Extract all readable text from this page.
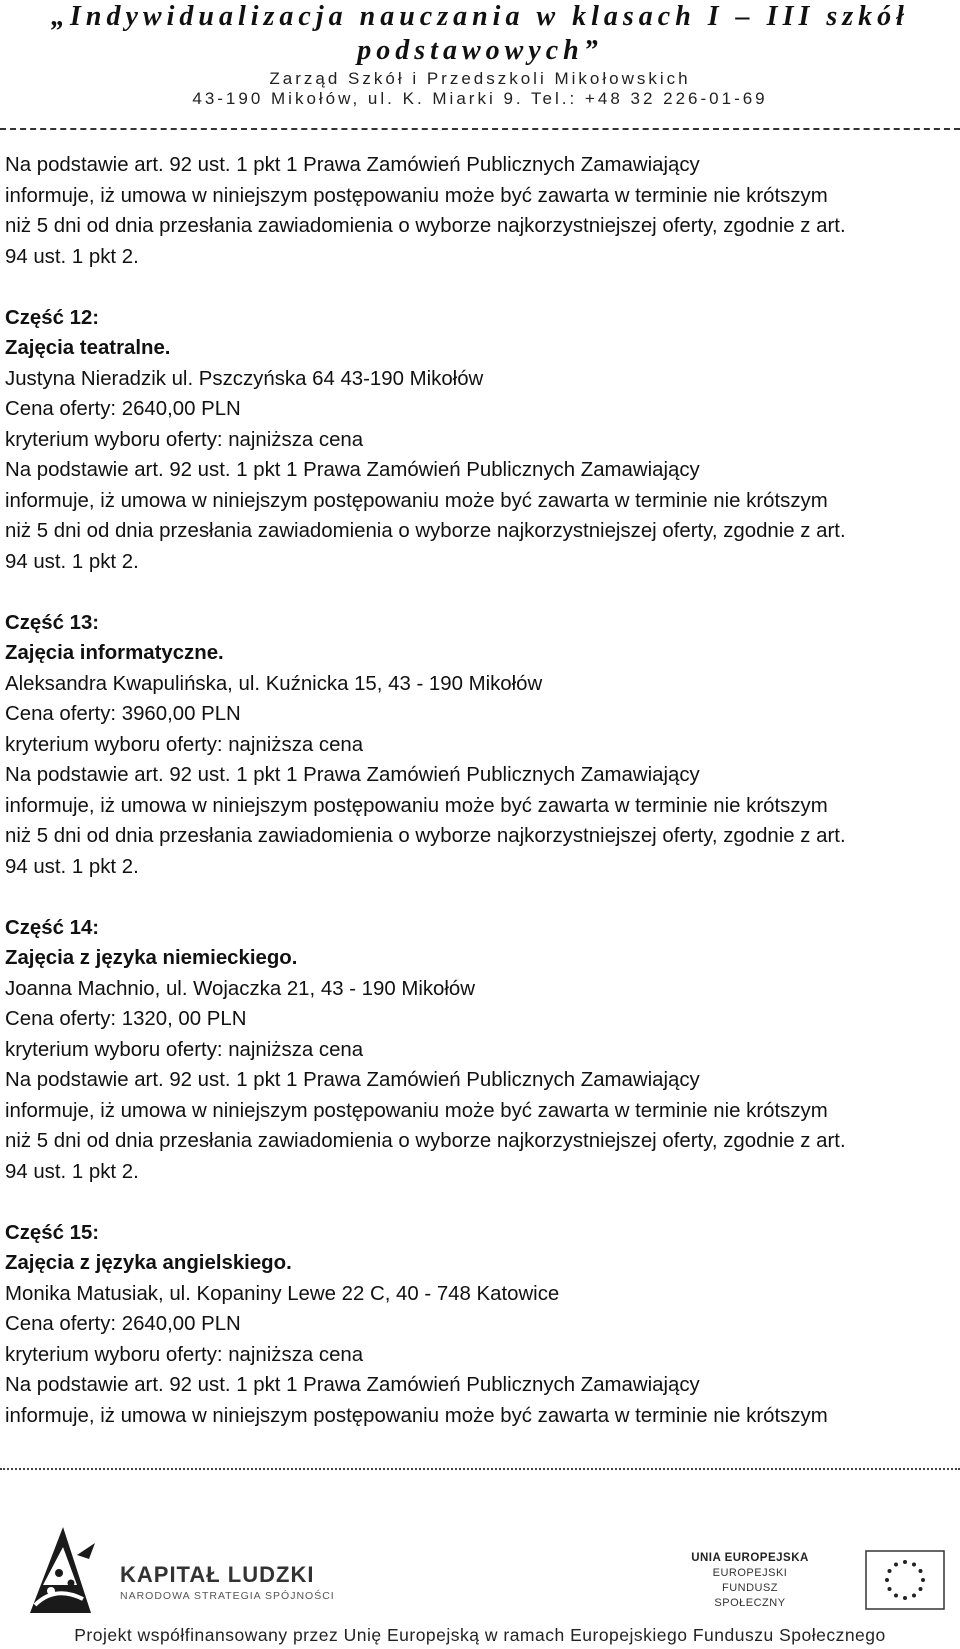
„Indywidualizacja nauczania w klasach I – III szkół
podstawowych”

Zarząd Szkół i Przedszkoli Mikołowskich

43-190 Mikołów, ul. K. Miarki 9. Tel.: +48 32 226-01-69

Na podstawie art. 92 ust. 1 pkt 1 Prawa Zamówień Publicznych Zamawiający
informuje, iż umowa w niniejszym postępowaniu może być zawarta w terminie nie krótszym
niż 5 dni od dnia przesłania zawiadomienia o wyborze najkorzystniejszej oferty, zgodnie z art.
94 ust. 1 pkt 2.
Część 12:
Zajęcia teatralne.
Justyna Nieradzik ul. Pszczyńska 64 43-190 Mikołów
Cena oferty: 2640,00 PLN
kryterium wyboru oferty: najniższa cena
Na podstawie art. 92 ust. 1 pkt 1 Prawa Zamówień Publicznych Zamawiający
informuje, iż umowa w niniejszym postępowaniu może być zawarta w terminie nie krótszym
niż 5 dni od dnia przesłania zawiadomienia o wyborze najkorzystniejszej oferty, zgodnie z art.
94 ust. 1 pkt 2.
Część 13:
Zajęcia informatyczne.
Aleksandra Kwapulińska, ul. Kuźnicka 15, 43 - 190 Mikołów
Cena oferty: 3960,00 PLN
kryterium wyboru oferty: najniższa cena
Na podstawie art. 92 ust. 1 pkt 1 Prawa Zamówień Publicznych Zamawiający
informuje, iż umowa w niniejszym postępowaniu może być zawarta w terminie nie krótszym
niż 5 dni od dnia przesłania zawiadomienia o wyborze najkorzystniejszej oferty, zgodnie z art.
94 ust. 1 pkt 2.
Część 14:
Zajęcia z języka niemieckiego.
Joanna Machnio, ul. Wojaczka 21, 43 - 190 Mikołów
Cena oferty: 1320, 00 PLN
kryterium wyboru oferty: najniższa cena
Na podstawie art. 92 ust. 1 pkt 1 Prawa Zamówień Publicznych Zamawiający
informuje, iż umowa w niniejszym postępowaniu może być zawarta w terminie nie krótszym
niż 5 dni od dnia przesłania zawiadomienia o wyborze najkorzystniejszej oferty, zgodnie z art.
94 ust. 1 pkt 2.
Część 15:
Zajęcia z języka angielskiego.
Monika Matusiak, ul. Kopaniny Lewe 22 C, 40 - 748 Katowice
Cena oferty: 2640,00 PLN
kryterium wyboru oferty: najniższa cena
Na podstawie art. 92 ust. 1 pkt 1 Prawa Zamówień Publicznych Zamawiający
informuje, iż umowa w niniejszym postępowaniu może być zawarta w terminie nie krótszym
KAPITAŁ LUDZKI
NARODOWA STRATEGIA SPÓJNOŚCI
UNIA EUROPEJSKA
EUROPEJSKI
FUNDUSZ SPOŁECZNY
Projekt współfinansowany przez Unię Europejską w ramach Europejskiego Funduszu Społecznego
